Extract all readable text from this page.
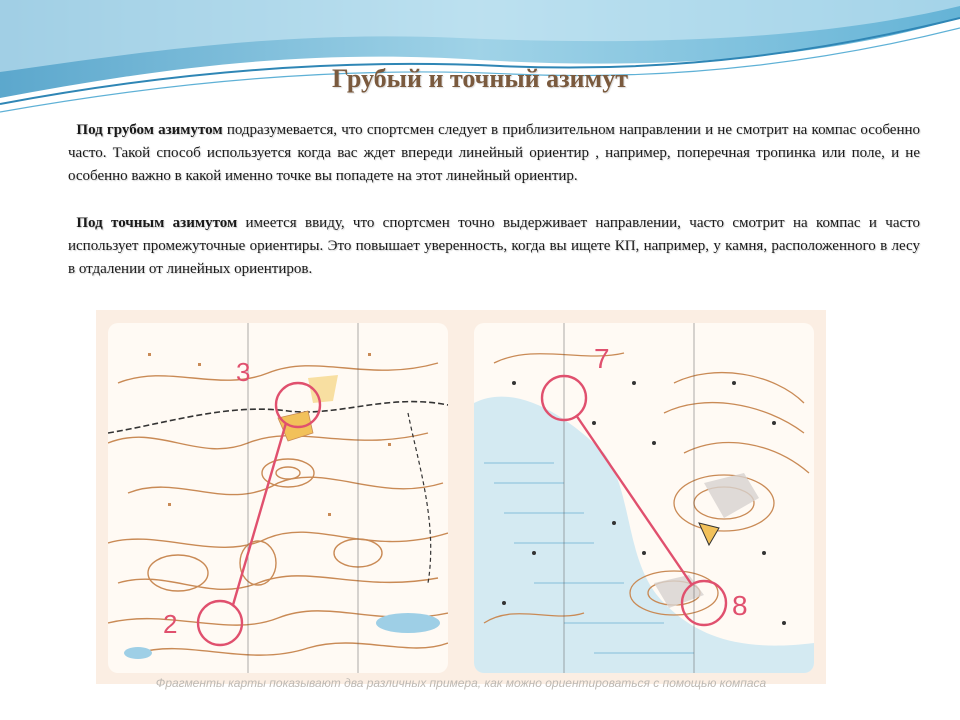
Грубый и точный азимут
Под грубом азимутом подразумевается, что спортсмен следует в приблизительном направлении и не смотрит на компас особенно часто. Такой способ используется когда вас ждет впереди линейный ориентир , например, поперечная тропинка или поле, и не особенно важно в какой именно точке вы попадете на этот линейный ориентир.
Под точным азимутом имеется ввиду, что спортсмен точно выдерживает направлении, часто смотрит на компас и часто использует промежуточные ориентиры. Это повышает уверенность, когда вы ищете КП, например, у камня, расположенного в лесу в отдалении от линейных ориентиров.
3
2
7
8
Фрагменты карты показывают два различных примера, как можно ориентироваться с помощью компаса
